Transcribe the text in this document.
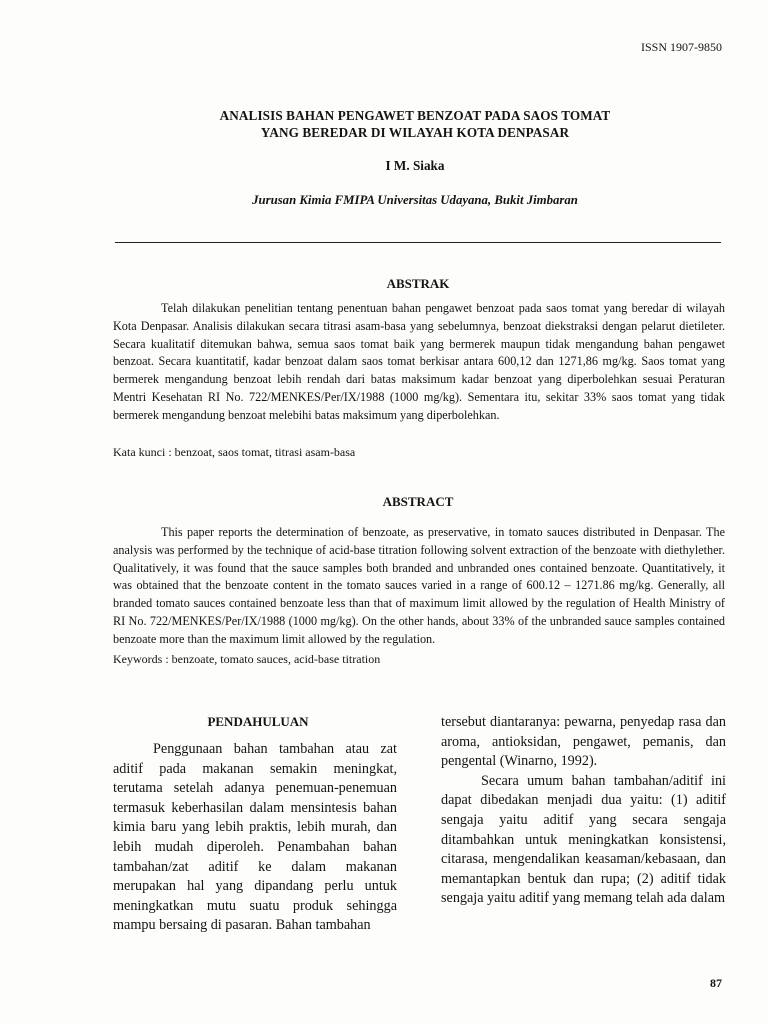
ISSN 1907-9850
ANALISIS BAHAN PENGAWET BENZOAT PADA SAOS TOMAT
YANG BEREDAR DI WILAYAH KOTA DENPASAR
I M. Siaka
Jurusan Kimia FMIPA Universitas Udayana, Bukit Jimbaran
ABSTRAK

Telah dilakukan penelitian tentang penentuan bahan pengawet benzoat pada saos tomat yang beredar di wilayah Kota Denpasar. Analisis dilakukan secara titrasi asam-basa yang sebelumnya, benzoat diekstraksi dengan pelarut dietileter. Secara kualitatif ditemukan bahwa, semua saos tomat baik yang bermerek maupun tidak mengandung bahan pengawet benzoat. Secara kuantitatif, kadar benzoat dalam saos tomat berkisar antara 600,12 dan 1271,86 mg/kg. Saos tomat yang bermerek mengandung benzoat lebih rendah dari batas maksimum kadar benzoat yang diperbolehkan sesuai Peraturan Mentri Kesehatan RI No. 722/MENKES/Per/IX/1988 (1000 mg/kg). Sementara itu, sekitar 33% saos tomat yang tidak bermerek mengandung benzoat melebihi batas maksimum yang diperbolehkan.

Kata kunci : benzoat, saos tomat, titrasi asam-basa
ABSTRACT

This paper reports the determination of benzoate, as preservative, in tomato sauces distributed in Denpasar. The analysis was performed by the technique of acid-base titration following solvent extraction of the benzoate with diethylether. Qualitatively, it was found that the sauce samples both branded and unbranded ones contained benzoate. Quantitatively, it was obtained that the benzoate content in the tomato sauces varied in a range of 600.12 – 1271.86 mg/kg. Generally, all branded tomato sauces contained benzoate less than that of maximum limit allowed by the regulation of Health Ministry of RI No. 722/MENKES/Per/IX/1988 (1000 mg/kg). On the other hands, about 33% of the unbranded sauce samples contained benzoate more than the maximum limit allowed by the regulation.

Keywords : benzoate, tomato sauces, acid-base titration
PENDAHULUAN

Penggunaan bahan tambahan atau zat aditif pada makanan semakin meningkat, terutama setelah adanya penemuan-penemuan termasuk keberhasilan dalam mensintesis bahan kimia baru yang lebih praktis, lebih murah, dan lebih mudah diperoleh. Penambahan bahan tambahan/zat aditif ke dalam makanan merupakan hal yang dipandang perlu untuk meningkatkan mutu suatu produk sehingga mampu bersaing di pasaran. Bahan tambahan

tersebut diantaranya: pewarna, penyedap rasa dan aroma, antioksidan, pengawet, pemanis, dan pengental (Winarno, 1992).

Secara umum bahan tambahan/aditif ini dapat dibedakan menjadi dua yaitu: (1) aditif sengaja yaitu aditif yang secara sengaja ditambahkan untuk meningkatkan konsistensi, citarasa, mengendalikan keasaman/kebasaan, dan memantapkan bentuk dan rupa; (2) aditif tidak sengaja yaitu aditif yang memang telah ada dalam

87
